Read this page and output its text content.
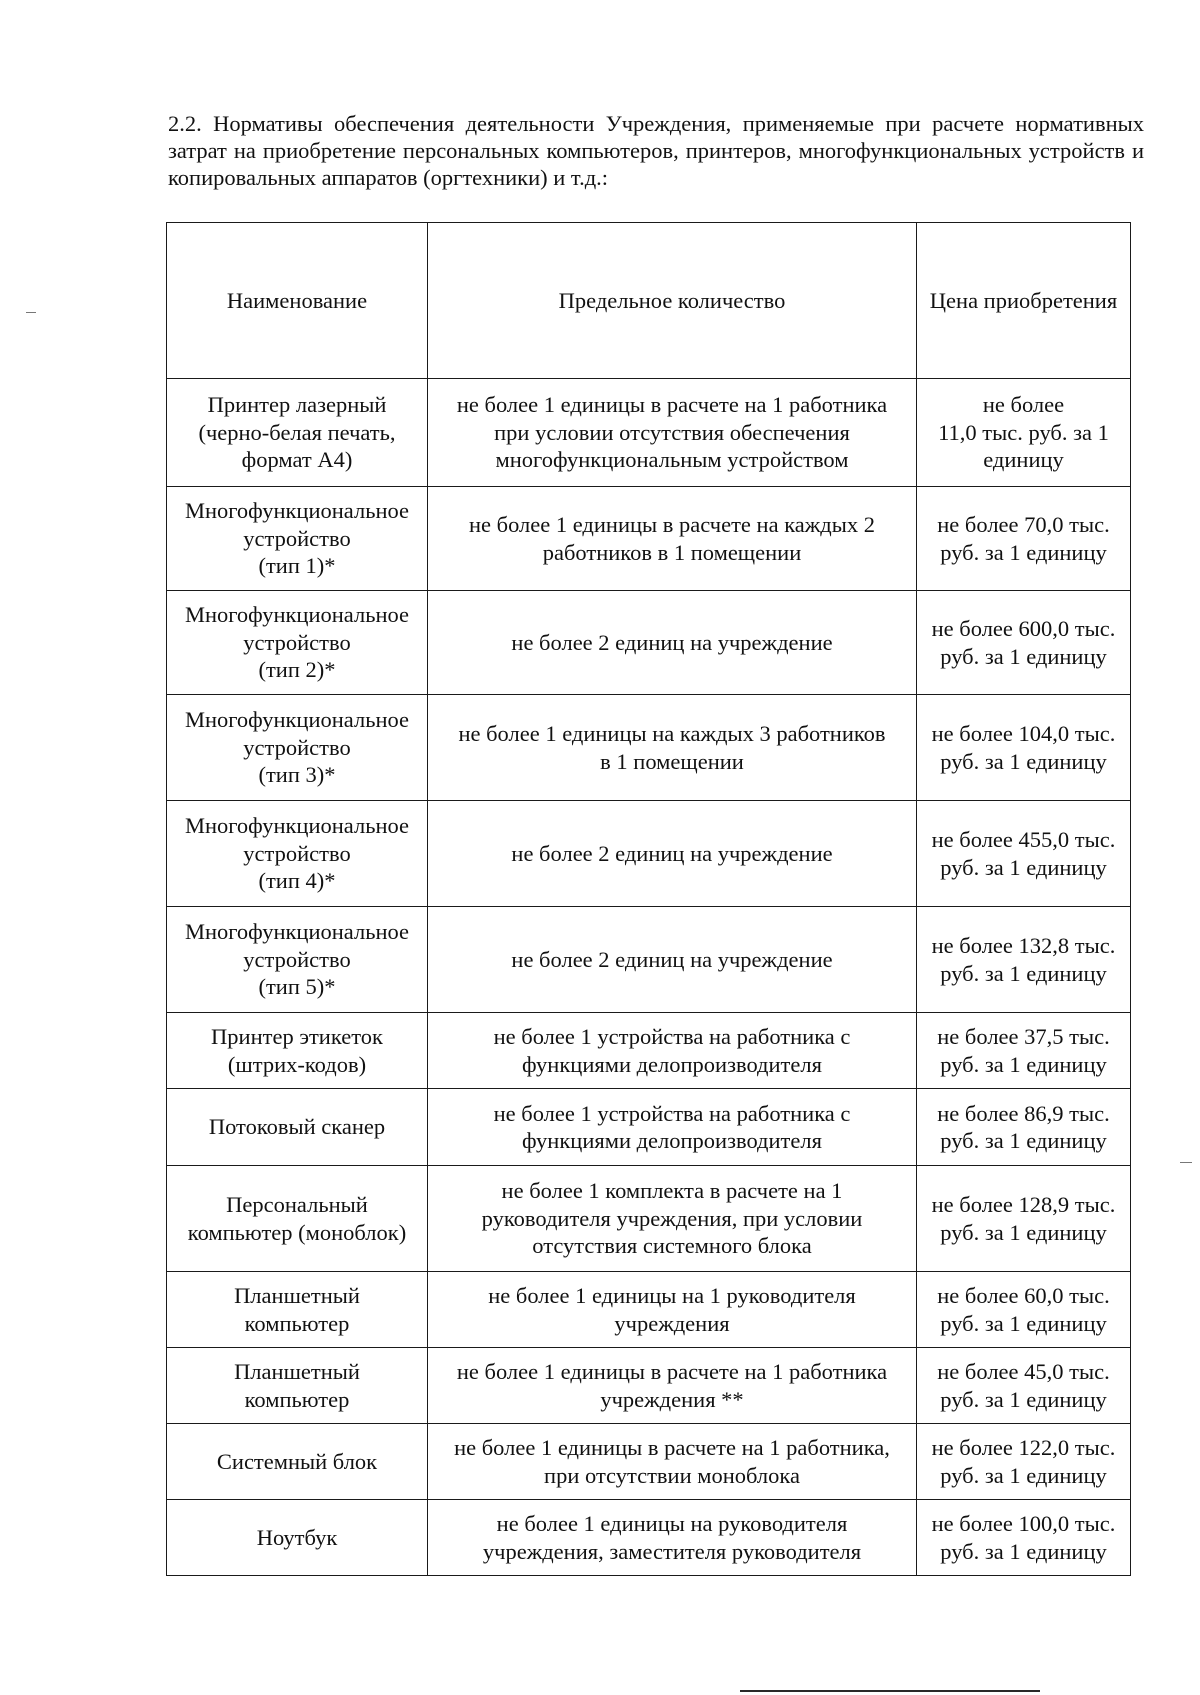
2.2. Нормативы обеспечения деятельности Учреждения, применяемые при расчете нормативных затрат на приобретение персональных компьютеров, принтеров, многофункциональных устройств и копировальных аппаратов (оргтехники) и т.д.:

Наименование	Предельное количество	Цена приобретения

Принтер лазерный
(черно-белая печать,
формат А4)	не более 1 единицы в расчете на 1 работника
при условии отсутствия обеспечения
многофункциональным устройством	не более
11,0 тыс. руб. за 1
единицу

Многофункциональное
устройство
(тип 1)*	не более 1 единицы в расчете на каждых 2
работников в 1 помещении	не более 70,0 тыс.
руб. за 1 единицу

Многофункциональное
устройство
(тип 2)*	не более 2 единиц на учреждение	не более 600,0 тыс.
руб. за 1 единицу

Многофункциональное
устройство
(тип 3)*	не более 1 единицы на каждых 3 работников
в 1 помещении	не более 104,0 тыс.
руб. за 1 единицу

Многофункциональное
устройство
(тип 4)*	не более 2 единиц на учреждение	не более 455,0 тыс.
руб. за 1 единицу

Многофункциональное
устройство
(тип 5)*	не более 2 единиц на учреждение	не более 132,8 тыс.
руб. за 1 единицу

Принтер этикеток
(штрих-кодов)	не более 1 устройства на работника с
функциями делопроизводителя	не более 37,5 тыс.
руб. за 1 единицу

Потоковый сканер	не более 1 устройства на работника с
функциями делопроизводителя	не более 86,9 тыс.
руб. за 1 единицу

Персональный
компьютер (моноблок)	не более 1 комплекта в расчете на 1
руководителя учреждения, при условии
отсутствия системного блока	не более 128,9 тыс.
руб. за 1 единицу

Планшетный
компьютер	не более 1 единицы на 1 руководителя
учреждения	не более 60,0 тыс.
руб. за 1 единицу

Планшетный
компьютер	не более 1 единицы в расчете на 1 работника
учреждения **	не более 45,0 тыс.
руб. за 1 единицу

Системный блок	не более 1 единицы в расчете на 1 работника,
при отсутствии моноблока	не более 122,0 тыс.
руб. за 1 единицу

Ноутбук	не более 1 единицы на руководителя
учреждения, заместителя руководителя	не более 100,0 тыс.
руб. за 1 единицу
